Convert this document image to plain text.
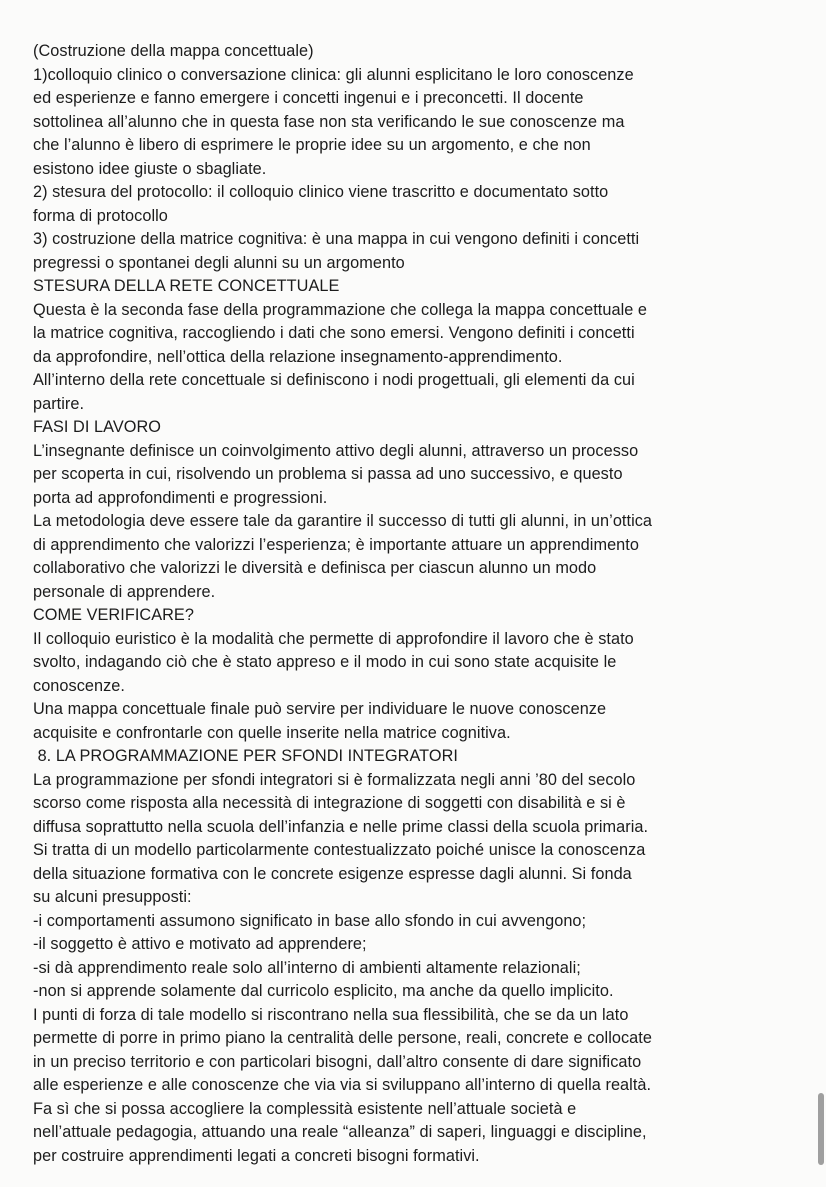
(Costruzione della mappa concettuale)
1)colloquio clinico o conversazione clinica: gli alunni esplicitano le loro conoscenze
ed esperienze e fanno emergere i concetti ingenui e i preconcetti. Il docente
sottolinea all’alunno che in questa fase non sta verificando le sue conoscenze ma
che l’alunno è libero di esprimere le proprie idee su un argomento, e che non
esistono idee giuste o sbagliate.
2) stesura del protocollo: il colloquio clinico viene trascritto e documentato sotto
forma di protocollo
3) costruzione della matrice cognitiva: è una mappa in cui vengono definiti i concetti
pregressi o spontanei degli alunni su un argomento
STESURA DELLA RETE CONCETTUALE
Questa è la seconda fase della programmazione che collega la mappa concettuale e
la matrice cognitiva, raccogliendo i dati che sono emersi. Vengono definiti i concetti
da approfondire, nell’ottica della relazione insegnamento-apprendimento.
All’interno della rete concettuale si definiscono i nodi progettuali, gli elementi da cui
partire.
FASI DI LAVORO
L’insegnante definisce un coinvolgimento attivo degli alunni, attraverso un processo
per scoperta in cui, risolvendo un problema si passa ad uno successivo, e questo
porta ad approfondimenti e progressioni.
La metodologia deve essere tale da garantire il successo di tutti gli alunni, in un’ottica
di apprendimento che valorizzi l’esperienza; è importante attuare un apprendimento
collaborativo che valorizzi le diversità e definisca per ciascun alunno un modo
personale di apprendere.
COME VERIFICARE?
Il colloquio euristico è la modalità che permette di approfondire il lavoro che è stato
svolto, indagando ciò che è stato appreso e il modo in cui sono state acquisite le
conoscenze.
Una mappa concettuale finale può servire per individuare le nuove conoscenze
acquisite e confrontarle con quelle inserite nella matrice cognitiva.
8. LA PROGRAMMAZIONE PER SFONDI INTEGRATORI
La programmazione per sfondi integratori si è formalizzata negli anni ’80 del secolo
scorso come risposta alla necessità di integrazione di soggetti con disabilità e si è
diffusa soprattutto nella scuola dell’infanzia e nelle prime classi della scuola primaria.
Si tratta di un modello particolarmente contestualizzato poiché unisce la conoscenza
della situazione formativa con le concrete esigenze espresse dagli alunni. Si fonda
su alcuni presupposti:
-i comportamenti assumono significato in base allo sfondo in cui avvengono;
-il soggetto è attivo e motivato ad apprendere;
-si dà apprendimento reale solo all’interno di ambienti altamente relazionali;
-non si apprende solamente dal curricolo esplicito, ma anche da quello implicito.
I punti di forza di tale modello si riscontrano nella sua flessibilità, che se da un lato
permette di porre in primo piano la centralità delle persone, reali, concrete e collocate
in un preciso territorio e con particolari bisogni, dall’altro consente di dare significato
alle esperienze e alle conoscenze che via via si sviluppano all’interno di quella realtà.
Fa sì che si possa accogliere la complessità esistente nell’attuale società e
nell’attuale pedagogia, attuando una reale “alleanza” di saperi, linguaggi e discipline,
per costruire apprendimenti legati a concreti bisogni formativi.
